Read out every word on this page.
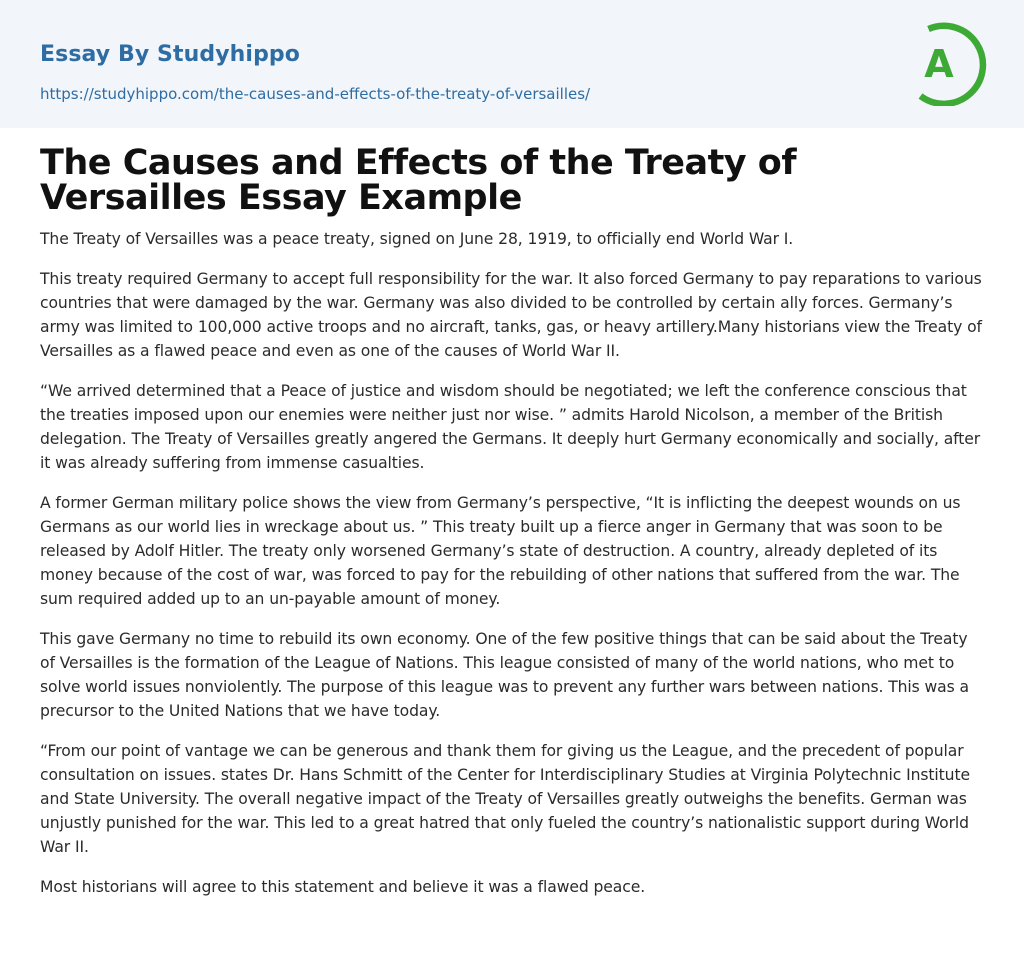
Essay By Studyhippo
https://studyhippo.com/the-causes-and-effects-of-the-treaty-of-versailles/
A
The Causes and Effects of the Treaty of Versailles Essay Example

The Treaty of Versailles was a peace treaty, signed on June 28, 1919, to officially end World War I.

This treaty required Germany to accept full responsibility for the war. It also forced Germany to pay reparations to various countries that were damaged by the war. Germany was also divided to be controlled by certain ally forces. Germany’s army was limited to 100,000 active troops and no aircraft, tanks, gas, or heavy artillery.Many historians view the Treaty of Versailles as a flawed peace and even as one of the causes of World War II.

“We arrived determined that a Peace of justice and wisdom should be negotiated; we left the conference conscious that the treaties imposed upon our enemies were neither just nor wise. ” admits Harold Nicolson, a member of the British delegation. The Treaty of Versailles greatly angered the Germans. It deeply hurt Germany economically and socially, after it was already suffering from immense casualties.

A former German military police shows the view from Germany’s perspective, “It is inflicting the deepest wounds on us Germans as our world lies in wreckage about us. ” This treaty built up a fierce anger in Germany that was soon to be released by Adolf Hitler. The treaty only worsened Germany’s state of destruction. A country, already depleted of its money because of the cost of war, was forced to pay for the rebuilding of other nations that suffered from the war. The sum required added up to an un-payable amount of money.

This gave Germany no time to rebuild its own economy. One of the few positive things that can be said about the Treaty of Versailles is the formation of the League of Nations. This league consisted of many of the world nations, who met to solve world issues nonviolently. The purpose of this league was to prevent any further wars between nations. This was a precursor to the United Nations that we have today.

“From our point of vantage we can be generous and thank them for giving us the League, and the precedent of popular consultation on issues. states Dr. Hans Schmitt of the Center for Interdisciplinary Studies at Virginia Polytechnic Institute and State University. The overall negative impact of the Treaty of Versailles greatly outweighs the benefits. German was unjustly punished for the war. This led to a great hatred that only fueled the country’s nationalistic support during World War II.

Most historians will agree to this statement and believe it was a flawed peace.
